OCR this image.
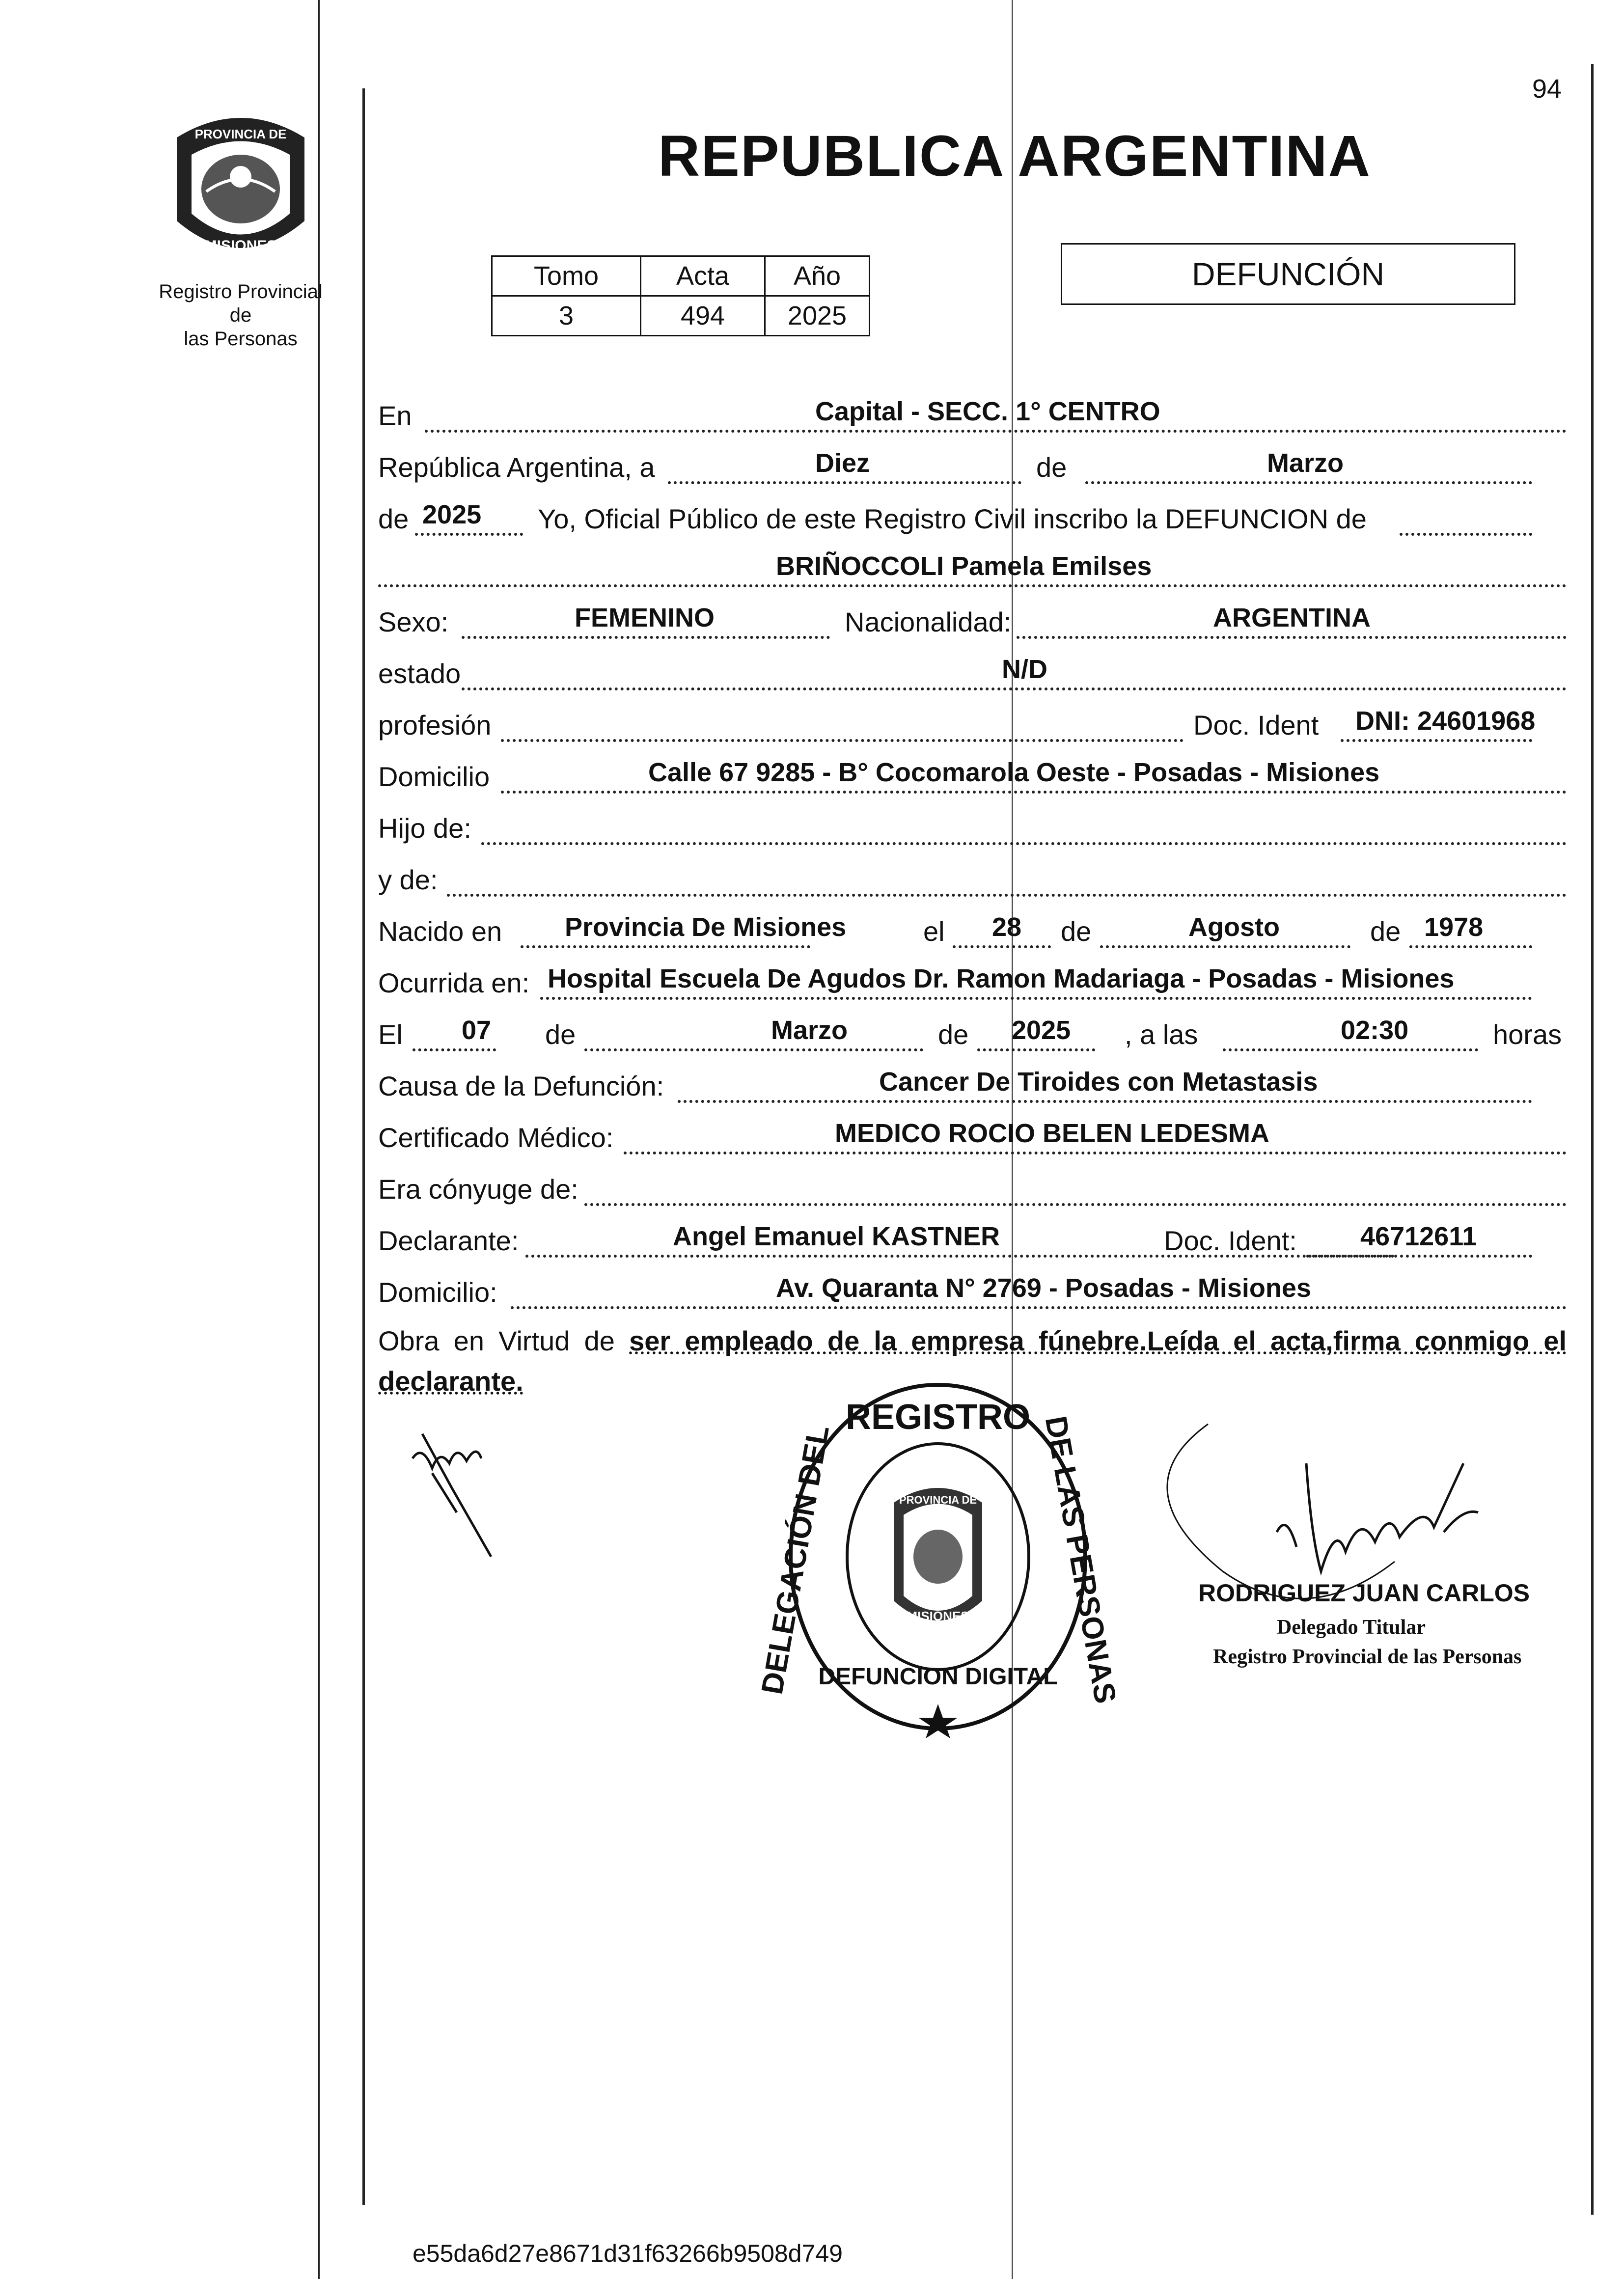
94
PROVINCIA DE
MISIONES
Registro Provincial de
las Personas
REPUBLICA ARGENTINA
Tomo	Acta	Año
3	494	2025
DEFUNCIÓN
En	Capital - SECC. 1° CENTRO
República Argentina, a	Diez	de	Marzo
de 2025 Yo, Oficial Público de este Registro Civil inscribo la DEFUNCION de
BRIÑOCCOLI Pamela Emilses
Sexo:	FEMENINO	Nacionalidad:	ARGENTINA
estado	N/D
profesión	Doc. Ident DNI: 24601968
Domicilio	Calle 67 9285 - B° Cocomarola Oeste - Posadas - Misiones
Hijo de:
y de:
Nacido en Provincia De Misiones	el 28 de	Agosto	de 1978
Ocurrida en: Hospital Escuela De Agudos Dr. Ramon Madariaga - Posadas - Misiones
El 07 de	Marzo	de 2025 , a las	02:30	horas
Causa de la Defunción:	Cancer De Tiroides con Metastasis
Certificado Médico:	MEDICO ROCIO BELEN LEDESMA
Era cónyuge de:
Declarante:	Angel Emanuel KASTNER	Doc. Ident: 46712611
Domicilio:	Av. Quaranta N° 2769 - Posadas - Misiones
Obra en Virtud de ser empleado de la empresa fúnebre.Leída el acta,firma conmigo el declarante.
REGISTRO
DELEGACIÓN DEL	DE LAS PERSONAS
DEFUNCION DIGITAL
PROVINCIA DE
MISIONES
RODRIGUEZ JUAN CARLOS
Delegado Titular
Registro Provincial de las Personas
e55da6d27e8671d31f63266b9508d749
